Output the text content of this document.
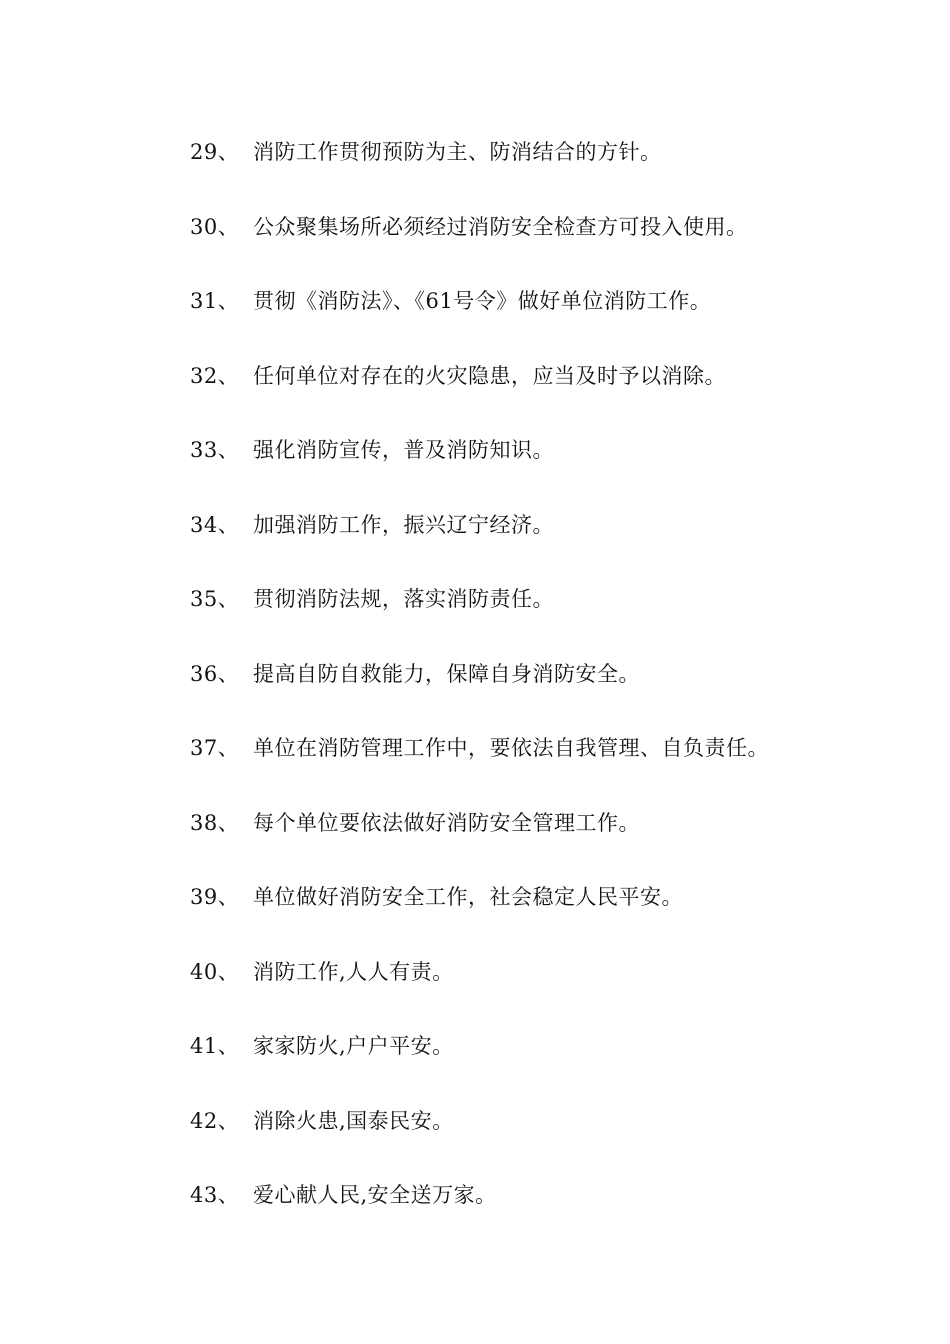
29、 消防工作贯彻预防为主、防消结合的方针。
30、 公众聚集场所必须经过消防安全检查方可投入使用。
31、 贯彻《消防法》、《61号令》做好单位消防工作。
32、 任何单位对存在的火灾隐患，应当及时予以消除。
33、 强化消防宣传，普及消防知识。
34、 加强消防工作，振兴辽宁经济。
35、 贯彻消防法规，落实消防责任。
36、 提高自防自救能力，保障自身消防安全。
37、 单位在消防管理工作中，要依法自我管理、自负责任。
38、 每个单位要依法做好消防安全管理工作。
39、 单位做好消防安全工作，社会稳定人民平安。
40、 消防工作,人人有责。
41、 家家防火,户户平安。
42、 消除火患,国泰民安。
43、 爱心献人民,安全送万家。
